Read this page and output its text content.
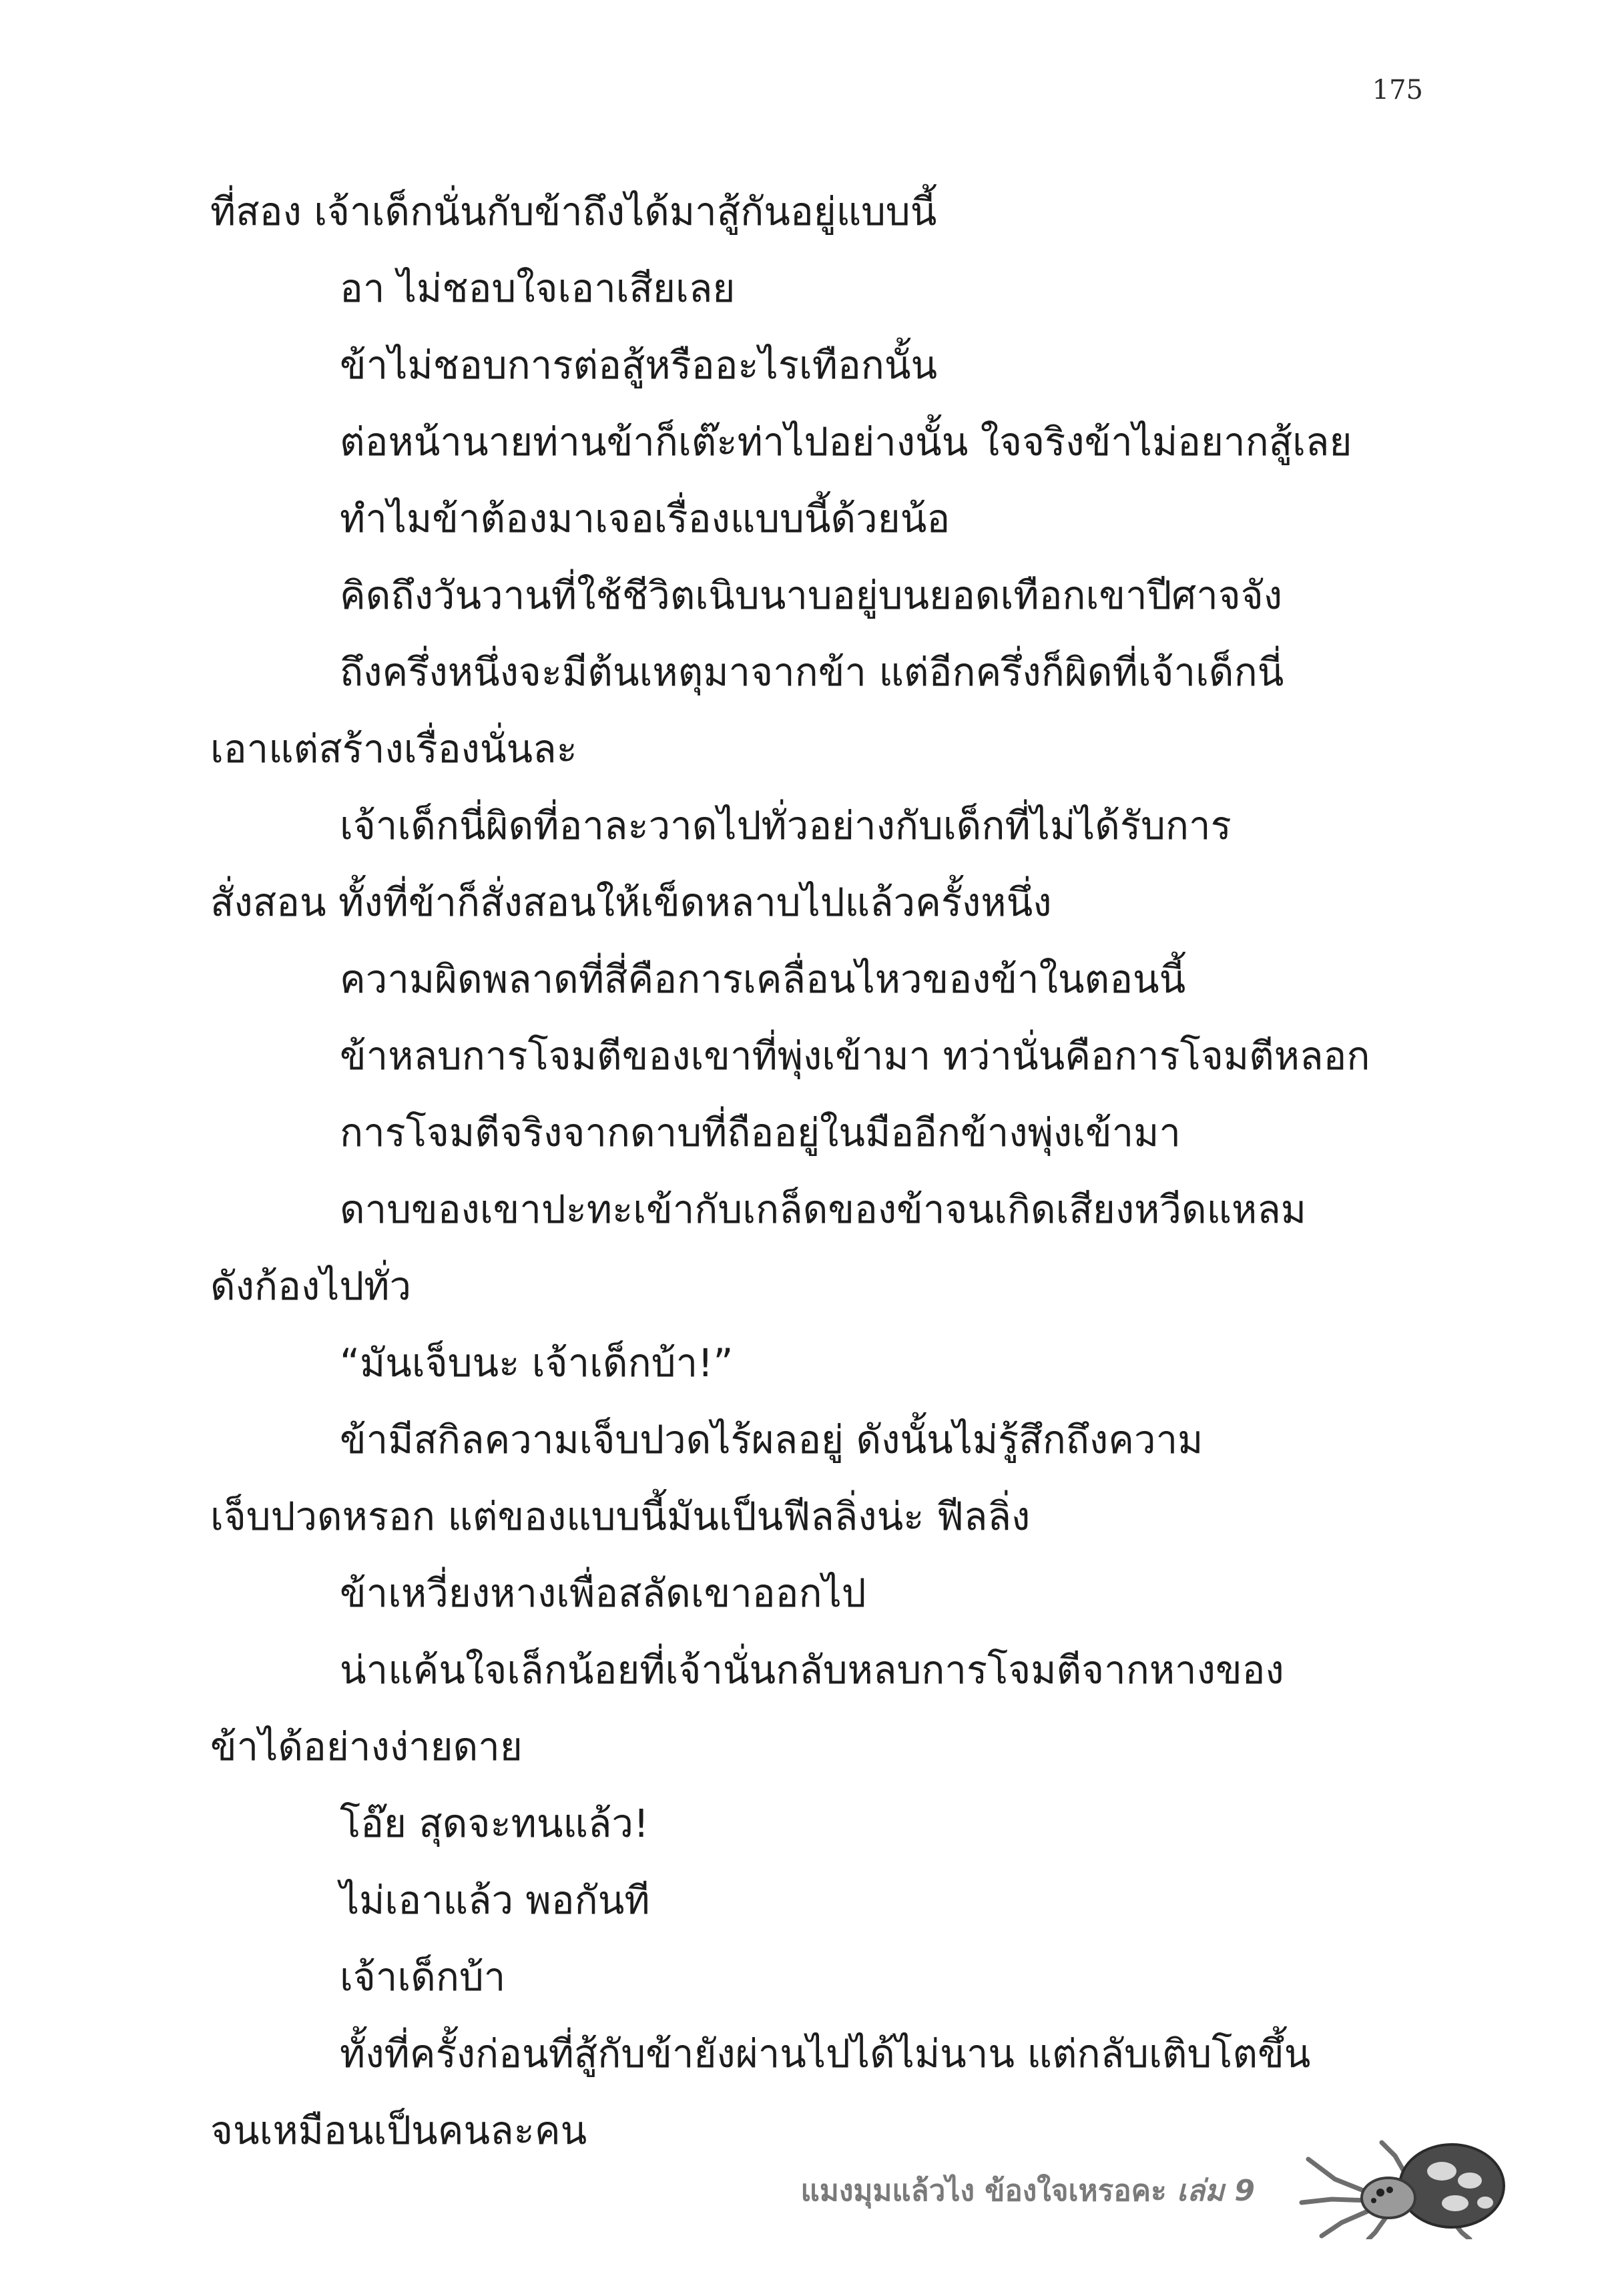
175
ที่สอง เจ้าเด็กนั่นกับข้าถึงได้มาสู้กันอยู่แบบนี้
อา ไม่ชอบใจเอาเสียเลย
ข้าไม่ชอบการต่อสู้หรืออะไรเทือกนั้น
ต่อหน้านายท่านข้าก็เต๊ะท่าไปอย่างนั้น ใจจริงข้าไม่อยากสู้เลย
ทำไมข้าต้องมาเจอเรื่องแบบนี้ด้วยน้อ
คิดถึงวันวานที่ใช้ชีวิตเนิบนาบอยู่บนยอดเทือกเขาปีศาจจัง
ถึงครึ่งหนึ่งจะมีต้นเหตุมาจากข้า แต่อีกครึ่งก็ผิดที่เจ้าเด็กนี่
เอาแต่สร้างเรื่องนั่นละ
เจ้าเด็กนี่ผิดที่อาละวาดไปทั่วอย่างกับเด็กที่ไม่ได้รับการ
สั่งสอน ทั้งที่ข้าก็สั่งสอนให้เข็ดหลาบไปแล้วครั้งหนึ่ง
ความผิดพลาดที่สี่คือการเคลื่อนไหวของข้าในตอนนี้
ข้าหลบการโจมตีของเขาที่พุ่งเข้ามา ทว่านั่นคือการโจมตีหลอก
การโจมตีจริงจากดาบที่ถืออยู่ในมืออีกข้างพุ่งเข้ามา
ดาบของเขาปะทะเข้ากับเกล็ดของข้าจนเกิดเสียงหวีดแหลม
ดังก้องไปทั่ว
“มันเจ็บนะ เจ้าเด็กบ้า!”
ข้ามีสกิลความเจ็บปวดไร้ผลอยู่ ดังนั้นไม่รู้สึกถึงความ
เจ็บปวดหรอก แต่ของแบบนี้มันเป็นฟีลลิ่งน่ะ ฟีลลิ่ง
ข้าเหวี่ยงหางเพื่อสลัดเขาออกไป
น่าแค้นใจเล็กน้อยที่เจ้านั่นกลับหลบการโจมตีจากหางของ
ข้าได้อย่างง่ายดาย
โอ๊ย สุดจะทนแล้ว!
ไม่เอาแล้ว พอกันที
เจ้าเด็กบ้า
ทั้งที่ครั้งก่อนที่สู้กับข้ายังผ่านไปได้ไม่นาน แต่กลับเติบโตขึ้น
จนเหมือนเป็นคนละคน
แมงมุมแล้วไง ข้องใจเหรอคะ เล่ม 9
